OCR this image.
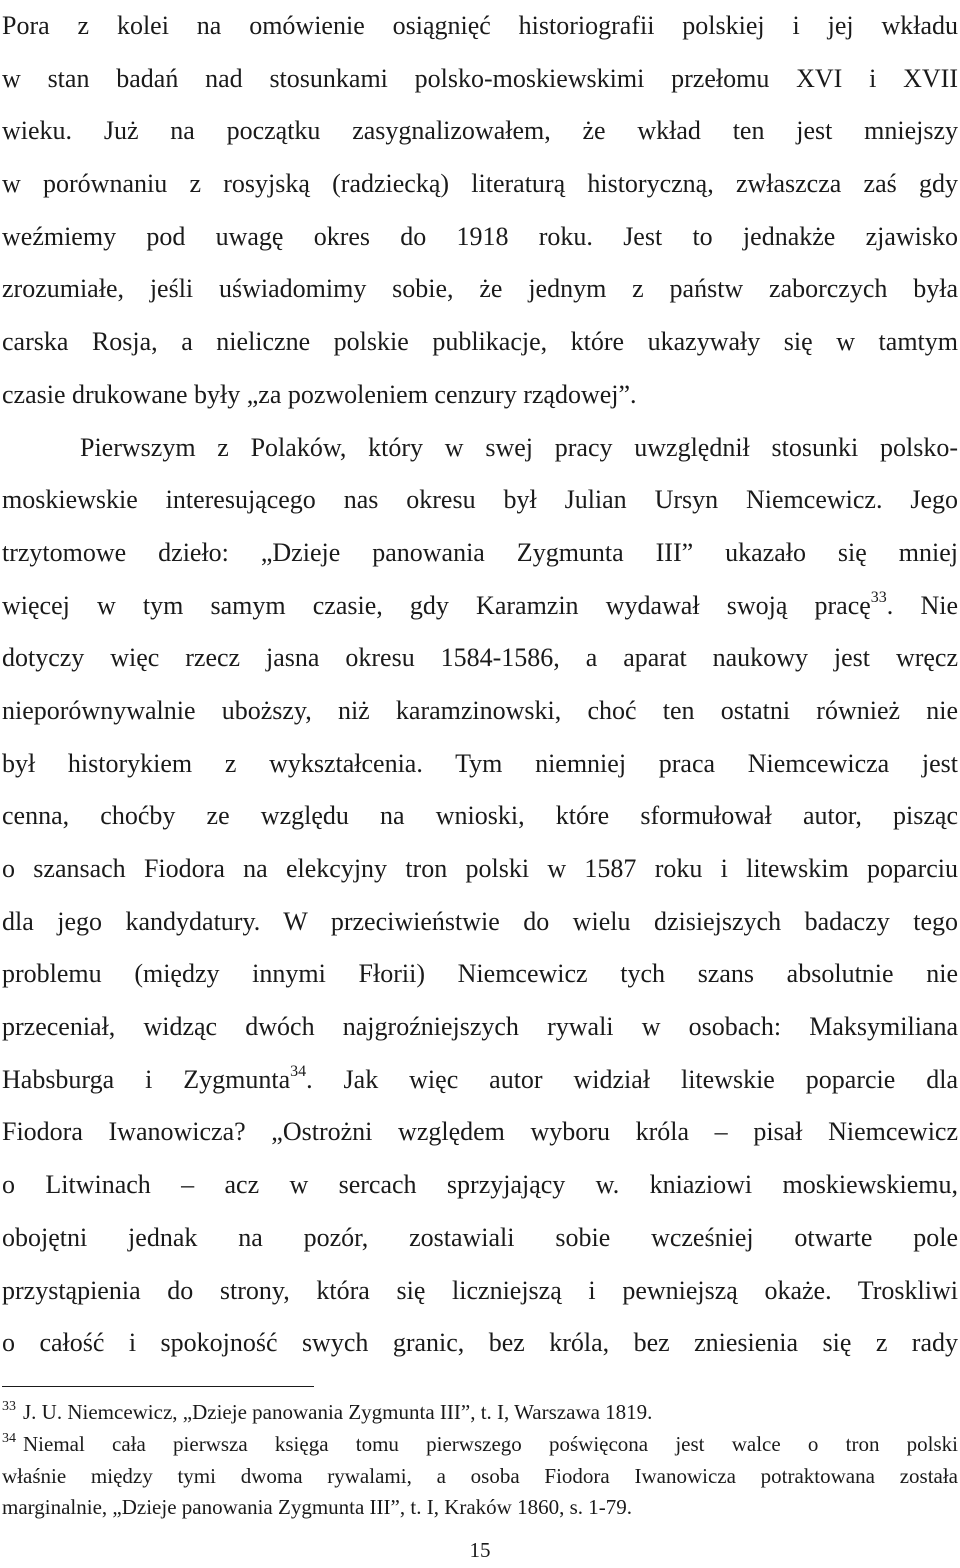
Pora z kolei na omówienie osiągnięć historiografii polskiej i jej wkładu
w stan badań nad stosunkami polsko-moskiewskimi przełomu XVI i XVII
wieku. Już na początku zasygnalizowałem, że wkład ten jest mniejszy
w porównaniu z rosyjską (radziecką) literaturą historyczną, zwłaszcza zaś gdy
weźmiemy pod uwagę okres do 1918 roku. Jest to jednakże zjawisko
zrozumiałe, jeśli uświadomimy sobie, że jednym z państw zaborczych była
carska Rosja, a nieliczne polskie publikacje, które ukazywały się w tamtym
czasie drukowane były „za pozwoleniem cenzury rządowej”.
Pierwszym z Polaków, który w swej pracy uwzględnił stosunki polsko-
moskiewskie interesującego nas okresu był Julian Ursyn Niemcewicz. Jego
trzytomowe dzieło: „Dzieje panowania Zygmunta III” ukazało się mniej
więcej w tym samym czasie, gdy Karamzin wydawał swoją pracę$^{33}$. Nie
dotyczy więc rzecz jasna okresu 1584-1586, a aparat naukowy jest wręcz
nieporównywalnie uboższy, niż karamzinowski, choć ten ostatni również nie
był historykiem z wykształcenia. Tym niemniej praca Niemcewicza jest
cenna, choćby ze względu na wnioski, które sformułował autor, pisząc
o szansach Fiodora na elekcyjny tron polski w 1587 roku i litewskim poparciu
dla jego kandydatury. W przeciwieństwie do wielu dzisiejszych badaczy tego
problemu (między innymi Fłorii) Niemcewicz tych szans absolutnie nie
przeceniał, widząc dwóch najgroźniejszych rywali w osobach: Maksymiliana
Habsburga i Zygmunta$^{34}$. Jak więc autor widział litewskie poparcie dla
Fiodora Iwanowicza? „Ostrożni względem wyboru króla – pisał Niemcewicz
o Litwinach – acz w sercach sprzyjający w. kniaziowi moskiewskiemu,
obojętni jednak na pozór, zostawiali sobie wcześniej otwarte pole
przystąpienia do strony, która się liczniejszą i pewniejszą okaże. Troskliwi
o całość i spokojność swych granic, bez króla, bez zniesienia się z rady
$^{33}$ J. U. Niemcewicz, „Dzieje panowania Zygmunta III”, t. I, Warszawa 1819.
$^{34}$ Niemal cała pierwsza księga tomu pierwszego poświęcona jest walce o tron polski
właśnie między tymi dwoma rywalami, a osoba Fiodora Iwanowicza potraktowana została
marginalnie, „Dzieje panowania Zygmunta III”, t. I, Kraków 1860, s. 1-79.
15
